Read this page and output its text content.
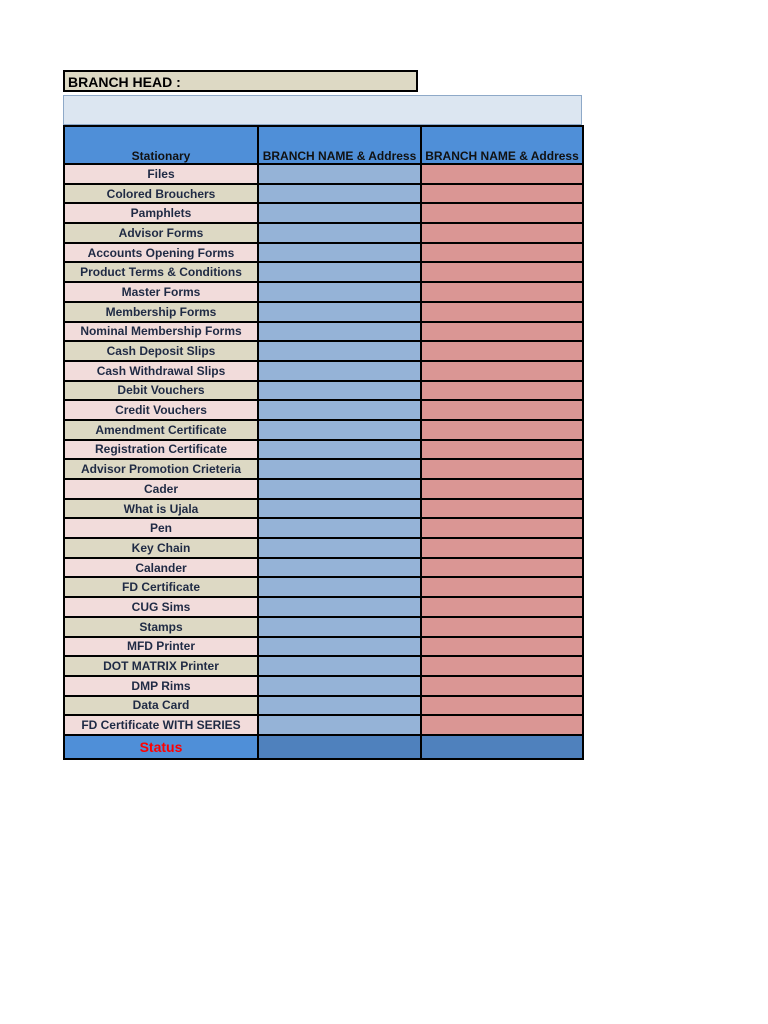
BRANCH HEAD :
Stationary	BRANCH NAME & Address	BRANCH NAME & Address
Files		
Colored Brouchers		
Pamphlets		
Advisor Forms		
Accounts Opening Forms		
Product Terms & Conditions		
Master Forms		
Membership Forms		
Nominal Membership Forms		
Cash Deposit Slips		
Cash Withdrawal Slips		
Debit Vouchers		
Credit Vouchers		
Amendment Certificate		
Registration Certificate		
Advisor Promotion Crieteria		
Cader		
What is Ujala		
Pen		
Key Chain		
Calander		
FD Certificate		
CUG Sims		
Stamps		
MFD Printer		
DOT MATRIX Printer		
DMP Rims		
Data Card		
FD Certificate WITH SERIES		
Status		
